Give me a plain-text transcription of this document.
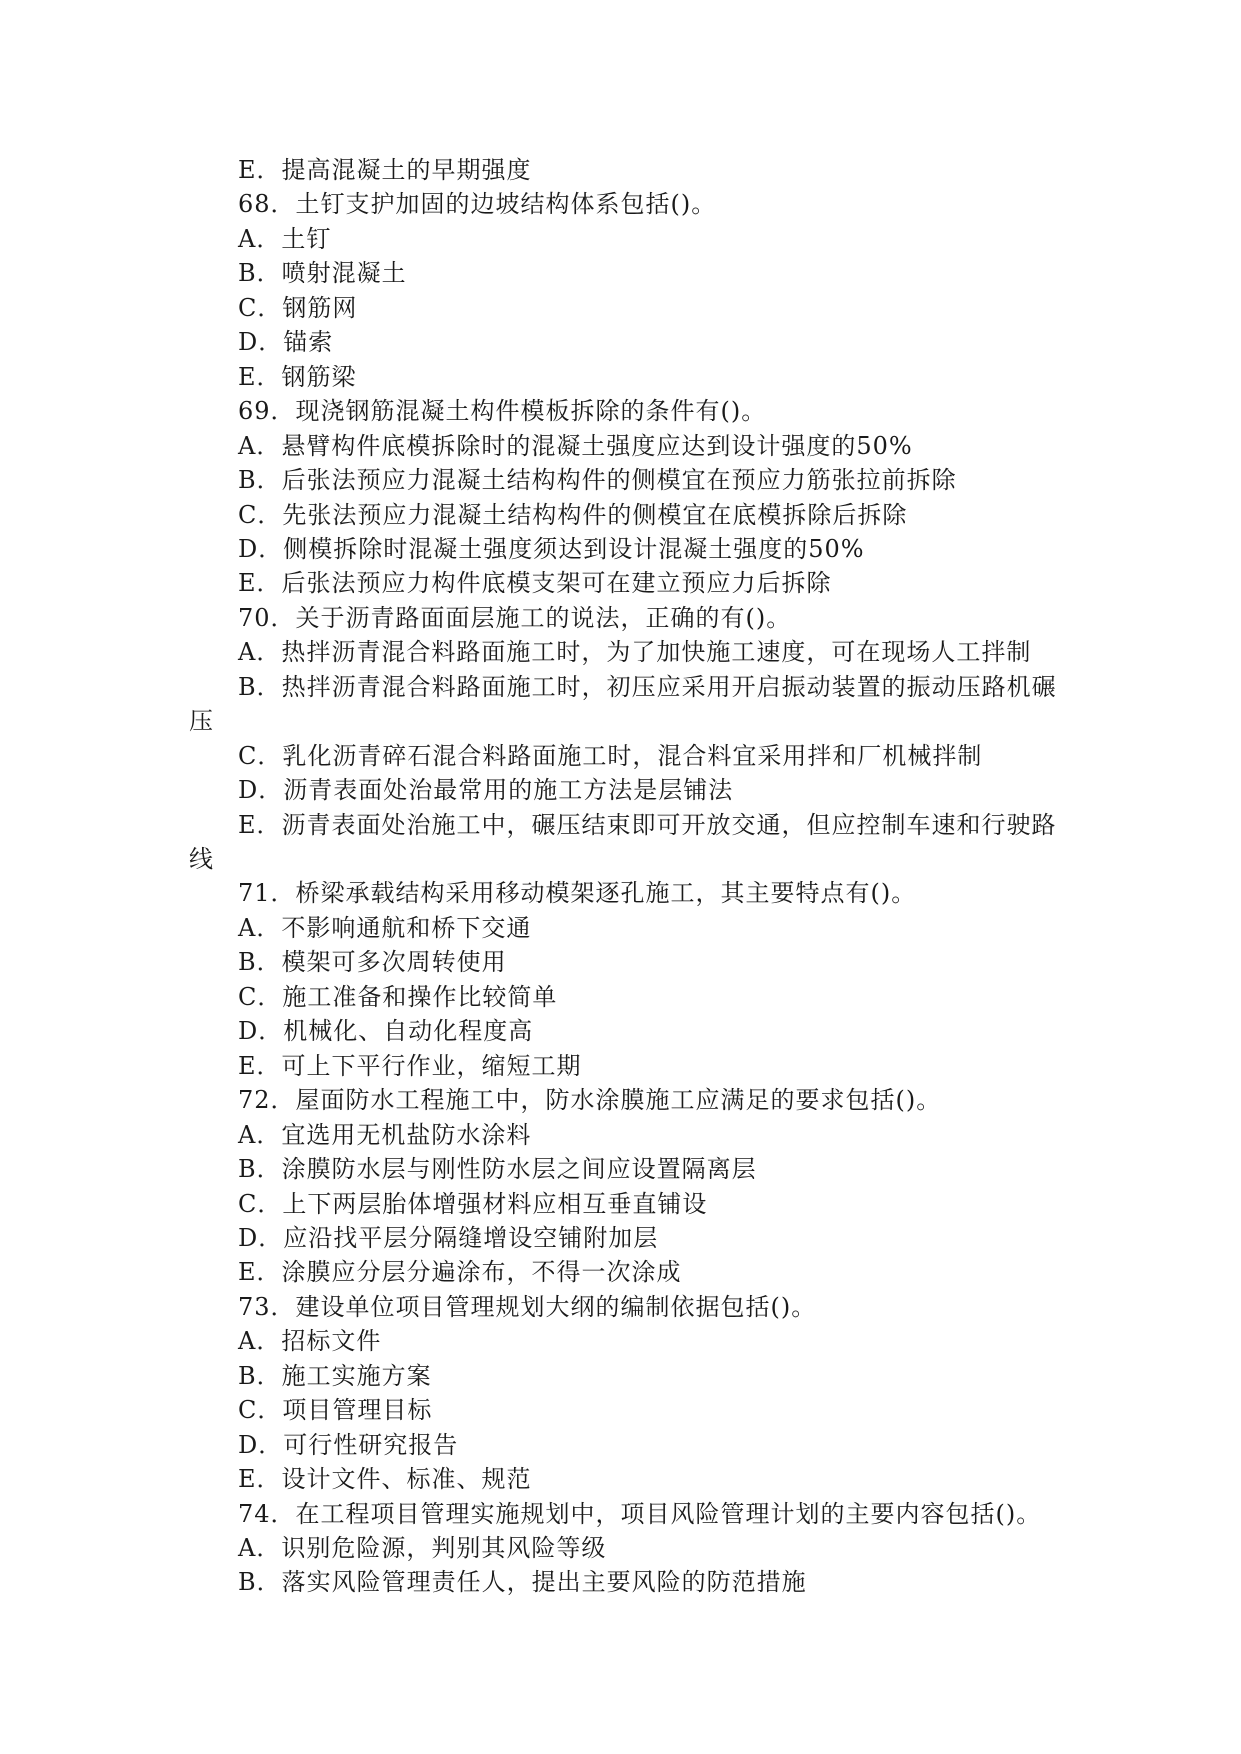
E．提高混凝土的早期强度
68．土钉支护加固的边坡结构体系包括()。
A．土钉
B．喷射混凝土
C．钢筋网
D．锚索
E．钢筋梁
69．现浇钢筋混凝土构件模板拆除的条件有()。
A．悬臂构件底模拆除时的混凝土强度应达到设计强度的50%
B．后张法预应力混凝土结构构件的侧模宜在预应力筋张拉前拆除
C．先张法预应力混凝土结构构件的侧模宜在底模拆除后拆除
D．侧模拆除时混凝土强度须达到设计混凝土强度的50%
E．后张法预应力构件底模支架可在建立预应力后拆除
70．关于沥青路面面层施工的说法，正确的有()。
A．热拌沥青混合料路面施工时，为了加快施工速度，可在现场人工拌制
B．热拌沥青混合料路面施工时，初压应采用开启振动装置的振动压路机碾
压
C．乳化沥青碎石混合料路面施工时，混合料宜采用拌和厂机械拌制
D．沥青表面处治最常用的施工方法是层铺法
E．沥青表面处治施工中，碾压结束即可开放交通，但应控制车速和行驶路
线
71．桥梁承载结构采用移动模架逐孔施工，其主要特点有()。
A．不影响通航和桥下交通
B．模架可多次周转使用
C．施工准备和操作比较简单
D．机械化、自动化程度高
E．可上下平行作业，缩短工期
72．屋面防水工程施工中，防水涂膜施工应满足的要求包括()。
A．宜选用无机盐防水涂料
B．涂膜防水层与刚性防水层之间应设置隔离层
C．上下两层胎体增强材料应相互垂直铺设
D．应沿找平层分隔缝增设空铺附加层
E．涂膜应分层分遍涂布，不得一次涂成
73．建设单位项目管理规划大纲的编制依据包括()。
A．招标文件
B．施工实施方案
C．项目管理目标
D．可行性研究报告
E．设计文件、标准、规范
74．在工程项目管理实施规划中，项目风险管理计划的主要内容包括()。
A．识别危险源，判别其风险等级
B．落实风险管理责任人，提出主要风险的防范措施
